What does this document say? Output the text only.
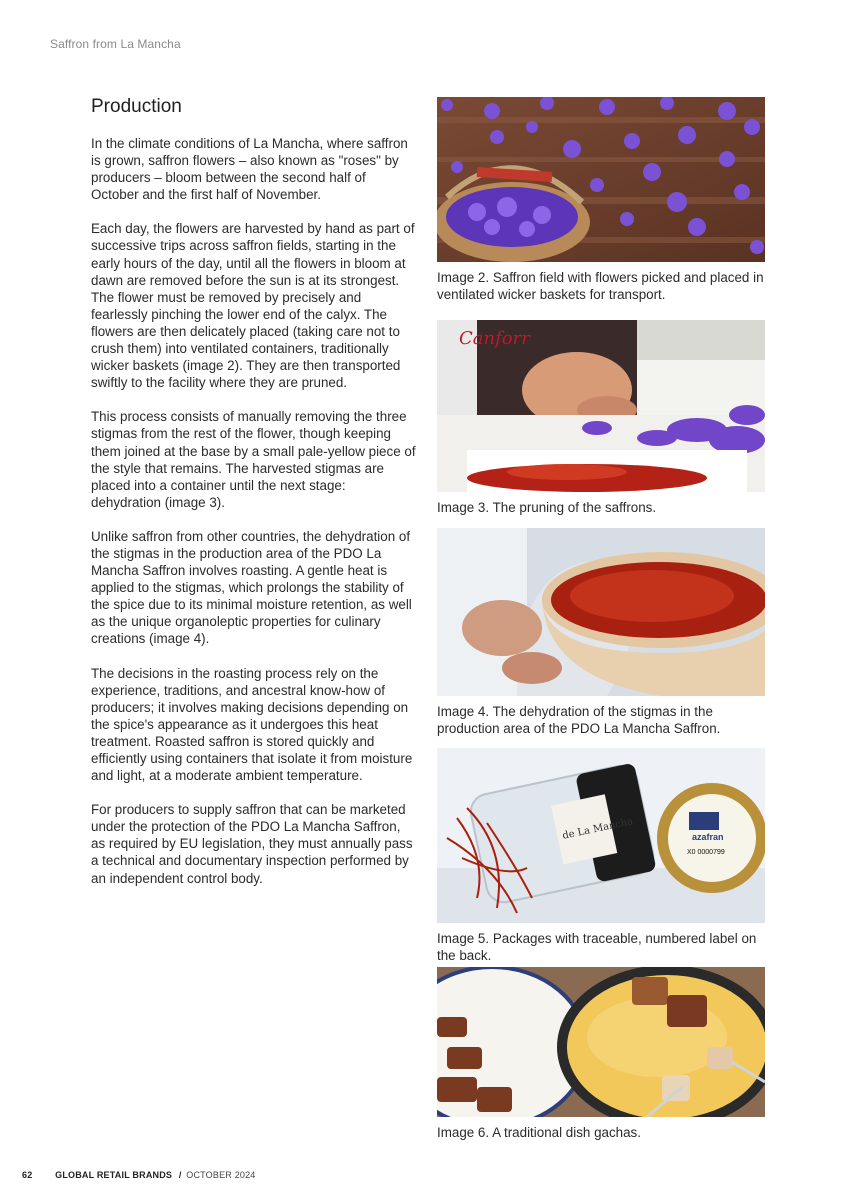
Saffron from La Mancha
Production

In the climate conditions of La Mancha, where saffron is grown, saffron flowers – also known as "roses" by producers – bloom between the second half of October and the first half of November.

Each day, the flowers are harvested by hand as part of successive trips across saffron fields, starting in the early hours of the day, until all the flowers in bloom at dawn are removed before the sun is at its strongest. The flower must be removed by precisely and fearlessly pinching the lower end of the calyx. The flowers are then delicately placed (taking care not to crush them) into ventilated containers, traditionally wicker baskets (image 2). They are then transported swiftly to the facility where they are pruned.

This process consists of manually removing the three stigmas from the rest of the flower, though keeping them joined at the base by a small pale-yellow piece of the style that remains. The harvested stigmas are placed into a container until the next stage: dehydration (image 3).

Unlike saffron from other countries, the dehydration of the stigmas in the production area of the PDO La Mancha Saffron involves roasting. A gentle heat is applied to the stigmas, which prolongs the stability of the spice due to its minimal moisture retention, as well as the unique organoleptic properties for culinary creations (image 4).

The decisions in the roasting process rely on the experience, traditions, and ancestral know-how of producers; it involves making decisions depending on the spice's appearance as it undergoes this heat treatment. Roasted saffron is stored quickly and efficiently using containers that isolate it from moisture and light, at a moderate ambient temperature.

For producers to supply saffron that can be marketed under the protection of the PDO La Mancha Saffron, as required by EU legislation, they must annually pass a technical and documentary inspection performed by an independent control body.

Image 2. Saffron field with flowers picked and placed in ventilated wicker baskets for transport.
Canforr
Image 3. The pruning of the saffrons.
Image 4. The dehydration of the stigmas in the production area of the PDO La Mancha Saffron.
de La Mancha	azafran
X0 0000799
Image 5. Packages with traceable, numbered label on the back.
Image 6. A traditional dish gachas.
62	GLOBAL RETAIL BRANDS / OCTOBER 2024
